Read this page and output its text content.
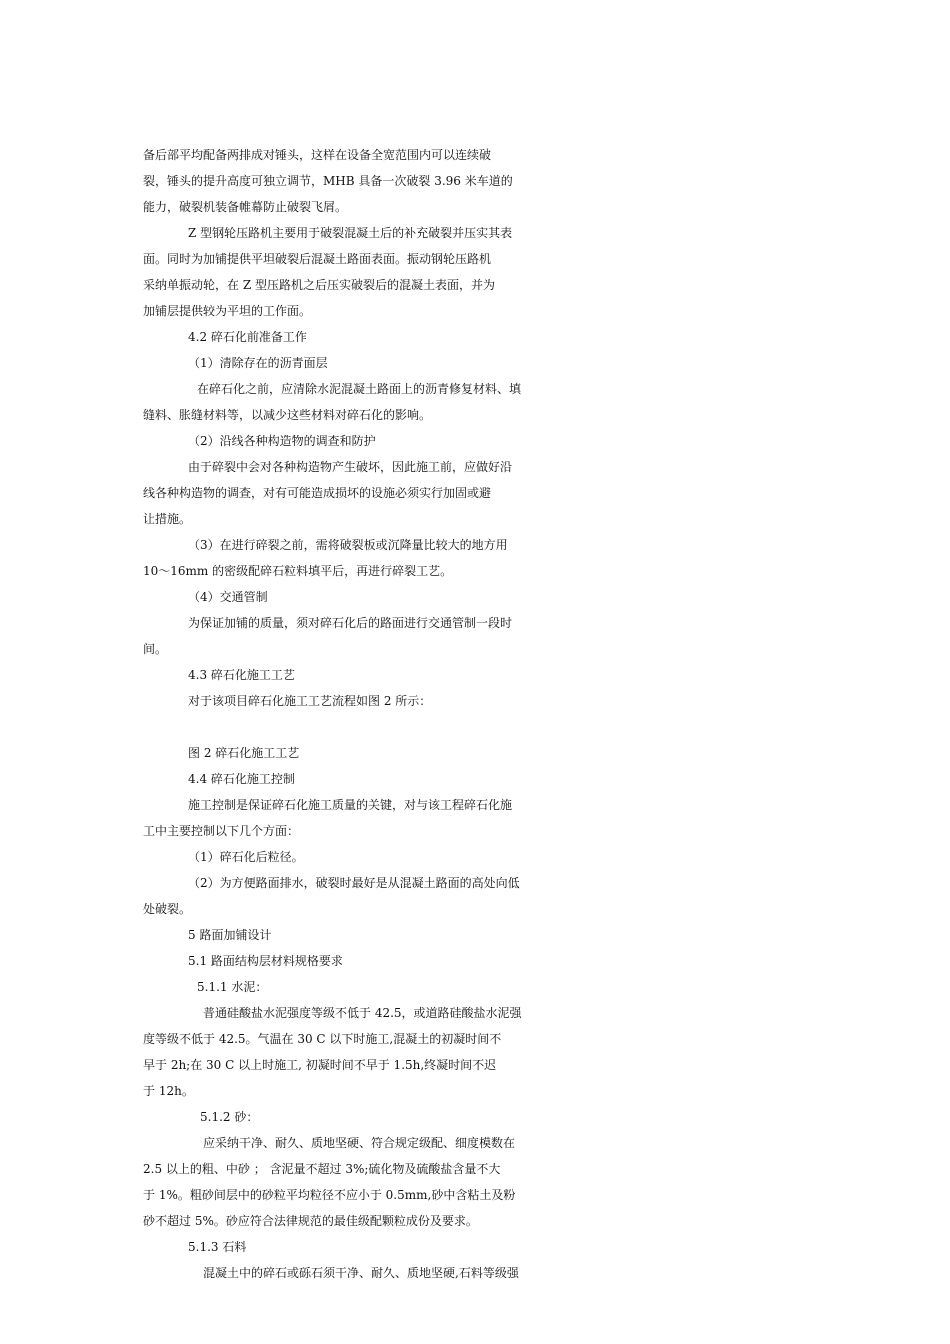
备后部平均配备两排成对锤头，这样在设备全宽范围内可以连续破
裂，锤头的提升高度可独立调节，MHB 具备一次破裂 3.96 米车道的
能力，破裂机装备帷幕防止破裂飞屑。
Z 型钢轮压路机主要用于破裂混凝土后的补充破裂并压实其表
面。同时为加铺提供平坦破裂后混凝土路面表面。振动钢轮压路机
采纳单振动轮，在 Z 型压路机之后压实破裂后的混凝土表面，并为
加铺层提供较为平坦的工作面。
4.2 碎石化前准备工作
（1）清除存在的沥青面层
在碎石化之前，应清除水泥混凝土路面上的沥青修复材料、填
缝料、胀缝材料等，以减少这些材料对碎石化的影响。
（2）沿线各种构造物的调查和防护
由于碎裂中会对各种构造物产生破坏，因此施工前，应做好沿
线各种构造物的调查，对有可能造成损坏的设施必须实行加固或避
让措施。
（3）在进行碎裂之前，需将破裂板或沉降量比较大的地方用
10～16mm 的密级配碎石粒料填平后，再进行碎裂工艺。
（4）交通管制
为保证加铺的质量，须对碎石化后的路面进行交通管制一段时
间。
4.3 碎石化施工工艺
对于该项目碎石化施工工艺流程如图 2 所示：
图 2 碎石化施工工艺
4.4 碎石化施工控制
施工控制是保证碎石化施工质量的关键，对与该工程碎石化施
工中主要控制以下几个方面：
（1）碎石化后粒径。
（2）为方便路面排水，破裂时最好是从混凝土路面的高处向低
处破裂。
5 路面加铺设计
5.1 路面结构层材料规格要求
5.1.1 水泥：
普通硅酸盐水泥强度等级不低于 42.5，或道路硅酸盐水泥强
度等级不低于 42.5。气温在 30 C 以下时施工,混凝土的初凝时间不
早于 2h;在 30 C 以上时施工, 初凝时间不早于 1.5h,终凝时间不迟
于 12h。
5.1.2 砂：
应采纳干净、耐久、质地坚硬、符合规定级配、细度模数在
2.5 以上的粗、中砂 ； 含泥量不超过 3%;硫化物及硫酸盐含量不大
于 1%。粗砂间层中的砂粒平均粒径不应小于 0.5mm,砂中含粘土及粉
砂不超过 5%。砂应符合法律规范的最佳级配颗粒成份及要求。
5.1.3 石料
混凝土中的碎石或砾石须干净、耐久、质地坚硬,石料等级强
